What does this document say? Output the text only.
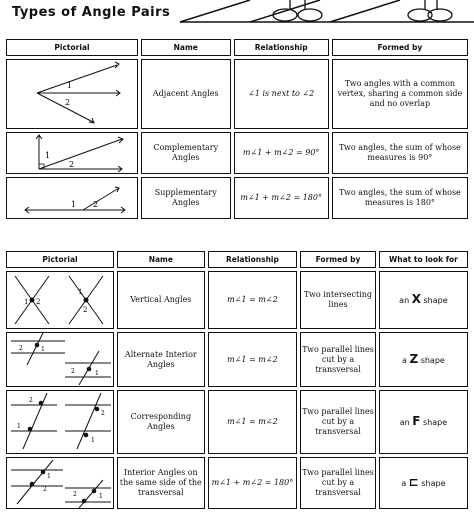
Types of Angle Pairs
Pictorial	Name	Relationship	Formed by

1
2	Adjacent Angles	∠1 is next to ∠2	Two angles with a common vertex, sharing a common side and no overlap

1
2	Complementary Angles	m∠1 + m∠2 = 90°	Two angles, the sum of whose measures is 90°

1 2	Supplementary Angles	m∠1 + m∠2 = 180°	Two angles, the sum of whose measures is 180°
Pictorial	Name	Relationship	Formed by	What to look for

1 2
1
2	Vertical Angles	m∠1 = m∠2	Two intersecting lines	an X shape

2 1
1
2	Alternate Interior Angles	m∠1 = m∠2	Two parallel lines cut by a transversal	a Z shape

2
1
2
1	Corresponding Angles	m∠1 = m∠2	Two parallel lines cut by a transversal	an F shape

1
2
1
2	Interior Angles on the same side of the transversal	m∠1 + m∠2 = 180°	Two parallel lines cut by a transversal	a ⊏ shape
